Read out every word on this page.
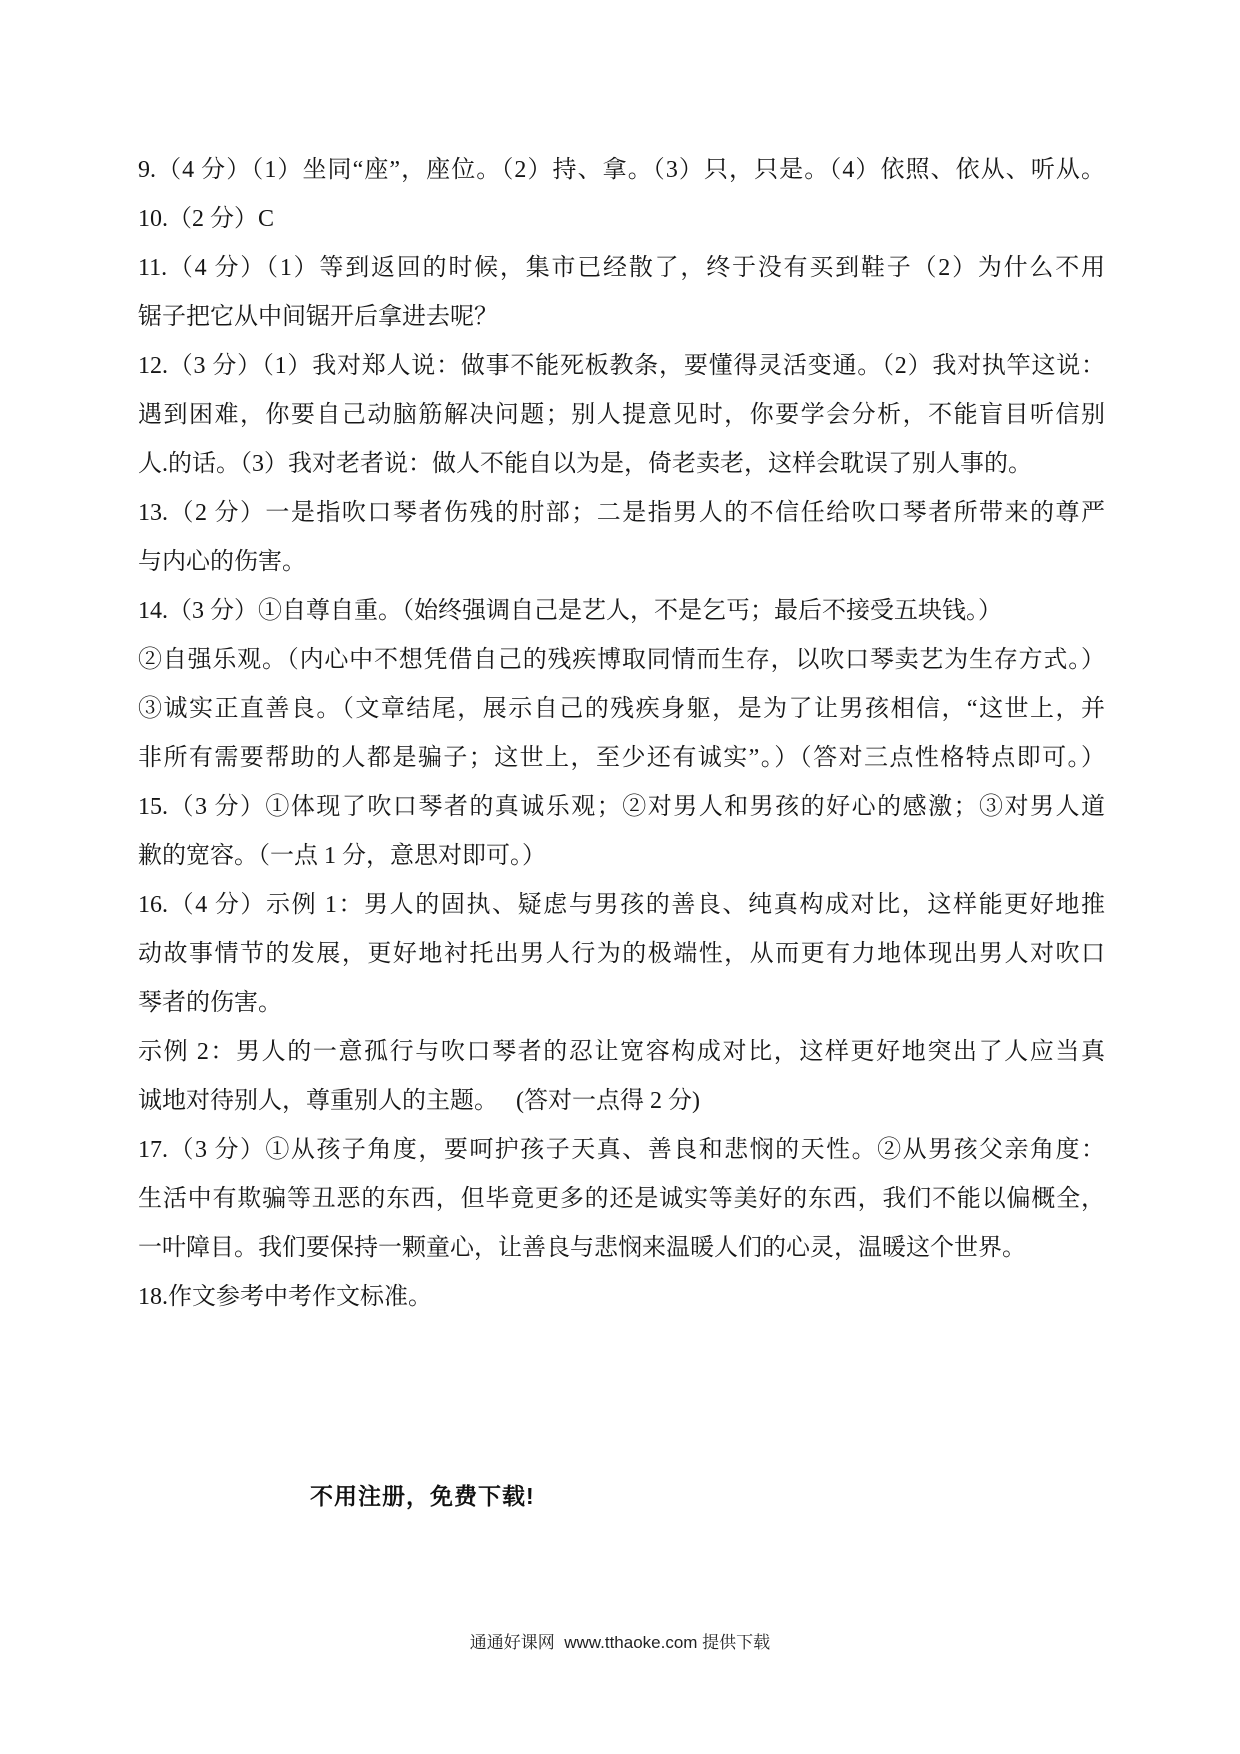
9.（4 分）（1）坐同“座”，座位。（2）持、拿。（3）只，只是。（4）依照、依从、听从。
10.（2 分）C
11.（4 分）（1）等到返回的时候，集市已经散了，终于没有买到鞋子（2）为什么不用
锯子把它从中间锯开后拿进去呢？
12.（3 分）（1）我对郑人说：做事不能死板教条，要懂得灵活变通。（2）我对执竿这说：
遇到困难，你要自己动脑筋解决问题；别人提意见时，你要学会分析，不能盲目听信别
人.的话。（3）我对老者说：做人不能自以为是，倚老卖老，这样会耽误了别人事的。
13.（2 分）一是指吹口琴者伤残的肘部；二是指男人的不信任给吹口琴者所带来的尊严
与内心的伤害。
14.（3 分）①自尊自重。（始终强调自己是艺人，不是乞丐；最后不接受五块钱。）
②自强乐观。（内心中不想凭借自己的残疾博取同情而生存，以吹口琴卖艺为生存方式。）
③诚实正直善良。（文章结尾，展示自己的残疾身躯，是为了让男孩相信，“这世上，并
非所有需要帮助的人都是骗子；这世上，至少还有诚实”。）（答对三点性格特点即可。）
15.（3 分）①体现了吹口琴者的真诚乐观；②对男人和男孩的好心的感激；③对男人道
歉的宽容。（一点 1 分，意思对即可。）
16.（4 分）示例 1：男人的固执、疑虑与男孩的善良、纯真构成对比，这样能更好地推
动故事情节的发展，更好地衬托出男人行为的极端性，从而更有力地体现出男人对吹口
琴者的伤害。
示例 2：男人的一意孤行与吹口琴者的忍让宽容构成对比，这样更好地突出了人应当真
诚地对待别人，尊重别人的主题。　 (答对一点得 2 分)
17.（3 分）①从孩子角度，要呵护孩子天真、善良和悲悯的天性。②从男孩父亲角度：
生活中有欺骗等丑恶的东西，但毕竟更多的还是诚实等美好的东西，我们不能以偏概全，
一叶障目。我们要保持一颗童心，让善良与悲悯来温暖人们的心灵，温暖这个世界。
18.作文参考中考作文标准。
不用注册，免费下载!
通通好课网  www.tthaoke.com 提供下载
